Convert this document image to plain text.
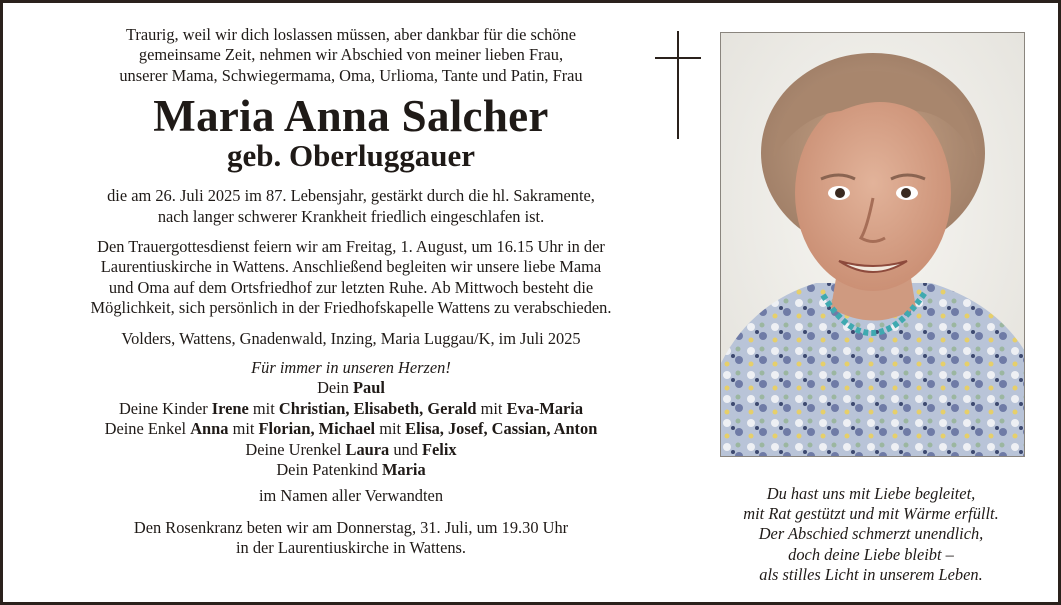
Traurig, weil wir dich loslassen müssen, aber dankbar für die schöne
gemeinsame Zeit, nehmen wir Abschied von meiner lieben Frau,
unserer Mama, Schwiegermama, Oma, Urlioma, Tante und Patin, Frau
Maria Anna Salcher
geb. Oberluggauer
die am 26. Juli 2025 im 87. Lebensjahr, gestärkt durch die hl. Sakramente,
nach langer schwerer Krankheit friedlich eingeschlafen ist.
Den Trauergottesdienst feiern wir am Freitag, 1. August, um 16.15 Uhr in der
Laurentiuskirche in Wattens. Anschließend begleiten wir unsere liebe Mama
und Oma auf dem Ortsfriedhof zur letzten Ruhe. Ab Mittwoch besteht die
Möglichkeit, sich persönlich in der Friedhofskapelle Wattens zu verabschieden.
Volders, Wattens, Gnadenwald, Inzing, Maria Luggau/K, im Juli 2025
Für immer in unseren Herzen!
Dein Paul
Deine Kinder Irene mit Christian, Elisabeth, Gerald mit Eva-Maria
Deine Enkel Anna mit Florian, Michael mit Elisa, Josef, Cassian, Anton
Deine Urenkel Laura und Felix
Dein Patenkind Maria
im Namen aller Verwandten
Den Rosenkranz beten wir am Donnerstag, 31. Juli, um 19.30 Uhr
in der Laurentiuskirche in Wattens.
Du hast uns mit Liebe begleitet,
mit Rat gestützt und mit Wärme erfüllt.
Der Abschied schmerzt unendlich,
doch deine Liebe bleibt –
als stilles Licht in unserem Leben.
